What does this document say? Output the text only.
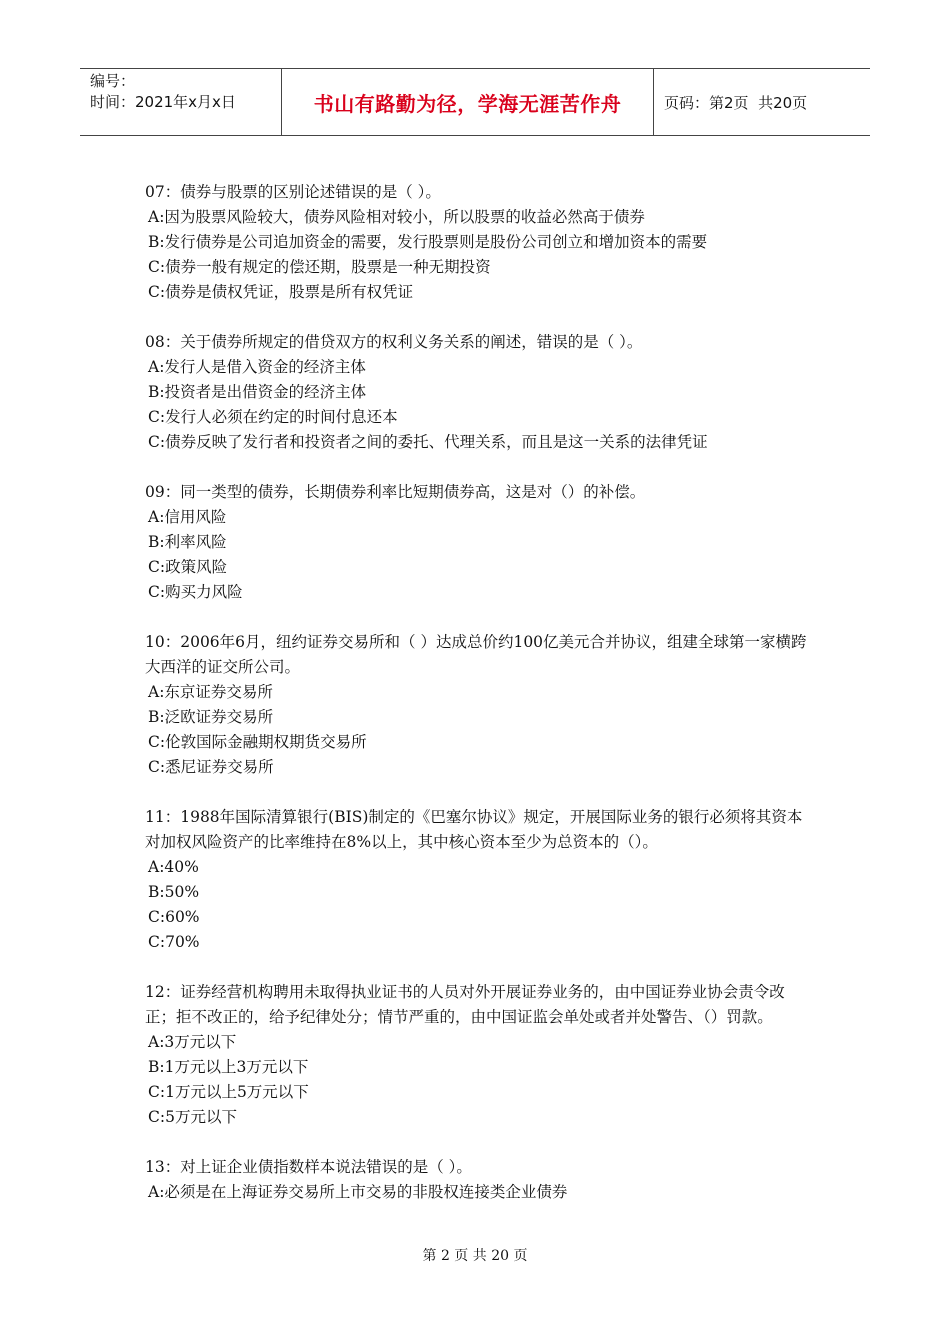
编号：
时间：2021年x月x日	书山有路勤为径，学海无涯苦作舟	页码：第2页  共20页
07：债券与股票的区别论述错误的是（ ）。
A:因为股票风险较大，债券风险相对较小，所以股票的收益必然高于债券
B:发行债券是公司追加资金的需要，发行股票则是股份公司创立和增加资本的需要
C:债券一般有规定的偿还期，股票是一种无期投资
C:债券是债权凭证，股票是所有权凭证
08：关于债券所规定的借贷双方的权利义务关系的阐述，错误的是（ ）。
A:发行人是借入资金的经济主体
B:投资者是出借资金的经济主体
C:发行人必须在约定的时间付息还本
C:债券反映了发行者和投资者之间的委托、代理关系，而且是这一关系的法律凭证
09：同一类型的债券，长期债券利率比短期债券高，这是对（）的补偿。
A:信用风险
B:利率风险
C:政策风险
C:购买力风险
10：2006年6月，纽约证券交易所和（ ）达成总价约100亿美元合并协议，组建全球第一家横跨大西洋的证交所公司。
A:东京证券交易所
B:泛欧证券交易所
C:伦敦国际金融期权期货交易所
C:悉尼证券交易所
11：1988年国际清算银行(BIS)制定的《巴塞尔协议》规定，开展国际业务的银行必须将其资本对加权风险资产的比率维持在8%以上，其中核心资本至少为总资本的（）。
A:40%
B:50%
C:60%
C:70%
12：证券经营机构聘用未取得执业证书的人员对外开展证券业务的，由中国证券业协会责令改正；拒不改正的，给予纪律处分；情节严重的，由中国证监会单处或者并处警告、（）罚款。
A:3万元以下
B:1万元以上3万元以下
C:1万元以上5万元以下
C:5万元以下
13：对上证企业债指数样本说法错误的是（ ）。
A:必须是在上海证券交易所上市交易的非股权连接类企业债券
第 2 页 共 20 页
